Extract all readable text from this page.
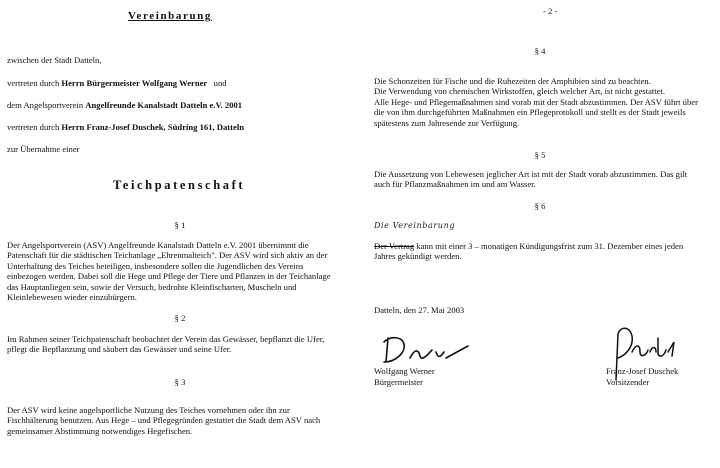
Vereinbarung

zwischen der Stadt Datteln,

vertreten durch Herrn Bürgermeister Wolfgang Werner   und

dem Angelsportverein Angelfreunde Kanalstadt Datteln e.V. 2001

vertreten durch Herrn Franz-Josef Duschek, Südring 161, Datteln

zur Übernahme einer

Teichpatenschaft
§ 1
Der Angelsportverein (ASV) Angelfreunde Kanalstadt Datteln e.V. 2001 übernimmt die
Patenschaft für die städtischen Teichanlage „Ehrenmalteich". Der ASV wird sich aktiv an der
Unterhaltung des Teiches beteiligen, insbesondere sollen die Jugendlichen des Vereins
einbezogen werden. Dabei soll die Hege und Pflege der Tiere und Pflanzen in der Teichanlage
das Hauptanliegen sein, sowie der Versuch, bedrohte Kleinfischarten, Muscheln und
Kleinlebewesen wieder einzubürgern.
§ 2
Im Rahmen seiner Teichpatenschaft beobachtet der Verein das Gewässer, bepflanzt die Ufer,
pflegt die Bepflanzung und säubert das Gewässer und seine Ufer.
§ 3
Der ASV wird keine angelsportliche Nutzung des Teiches vornehmen oder ihn zur
Fischhälterung benutzen. Aus Hege – und Pflegegründen gestattet die Stadt dem ASV nach
gemeinsamer Abstimmung notwendiges Hegefischen.
- 2 -
§ 4
Die Schonzeiten für Fische und die Ruhezeiten der Amphibien sind zu beachten.
Die Verwendung von chemischen Wirkstoffen, gleich welcher Art, ist nicht gestattet.
Alle Hege- und Pflegemaßnahmen sind vorab mit der Stadt abzustimmen. Der ASV führt über
die von ihm durchgeführten Maßnahmen ein Pflegeprotokoll und stellt es der Stadt jeweils
spätestens zum Jahresende zur Verfügung.
§ 5
Die Aussetzung von Lebewesen jeglicher Art ist mit der Stadt vorab abzustimmen. Das gilt
auch für Pflanzmaßnahmen im und am Wasser.
§ 6
Die Vereinbarung
Der Vertrag kann mit einer 3 – monatigen Kündigungsfrist zum 31. Dezember eines jeden
Jahres gekündigt werden.
Datteln, den 27. Mai 2003
Wolfgang Werner
Bürgermeister
Franz-Josef Duschek
Vorsitzender
